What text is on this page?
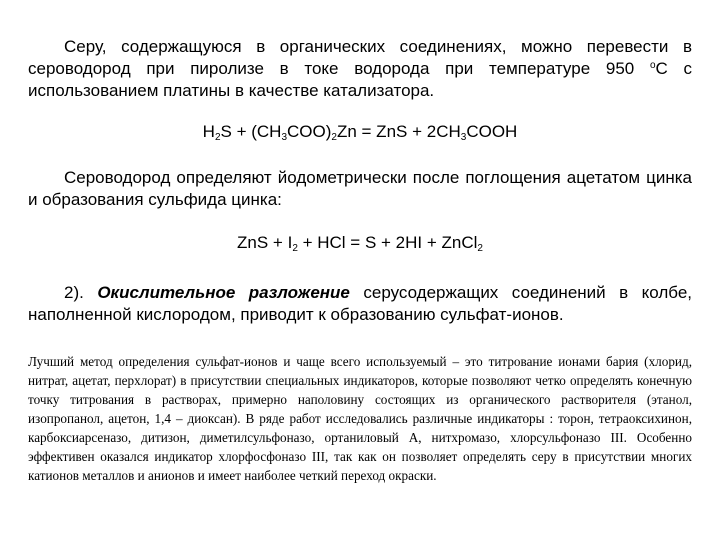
Серу, содержащуюся в органических соединениях, можно перевести в сероводород при пиролизе в токе водорода при температуре 950 $^o$С с использованием платины в качестве катализатора.
$H_2S + (CH_3COO)_2Zn$ = ZnS + $2CH_3COOH$
Сероводород определяют йодометрически после поглощения ацетатом цинка и образования сульфида цинка:
ZnS + $I_2$ + HCl = S + 2HI + ZnCl$_2$
2). Окислительное разложение серусодержащих соединений в колбе, наполненной кислородом, приводит к образованию сульфат-ионов.
Лучший метод определения сульфат-ионов и чаще всего используемый – это титрование ионами бария (хлорид, нитрат, ацетат, перхлорат) в присутствии специальных индикаторов, которые позволяют четко определять конечную точку титрования в растворах, примерно наполовину состоящих из органического растворителя (этанол, изопропанол, ацетон, 1,4 – диоксан). В ряде работ исследовались различные индикаторы : торон, тетраоксихинон, карбоксиарсеназо, дитизон, диметилсульфоназо, ортаниловый А, нитхромазо, хлорсульфоназо III. Особенно эффективен оказался индикатор хлорфосфоназо III, так как он позволяет определять серу в присутствии многих катионов металлов и анионов и имеет наиболее четкий переход окраски.
